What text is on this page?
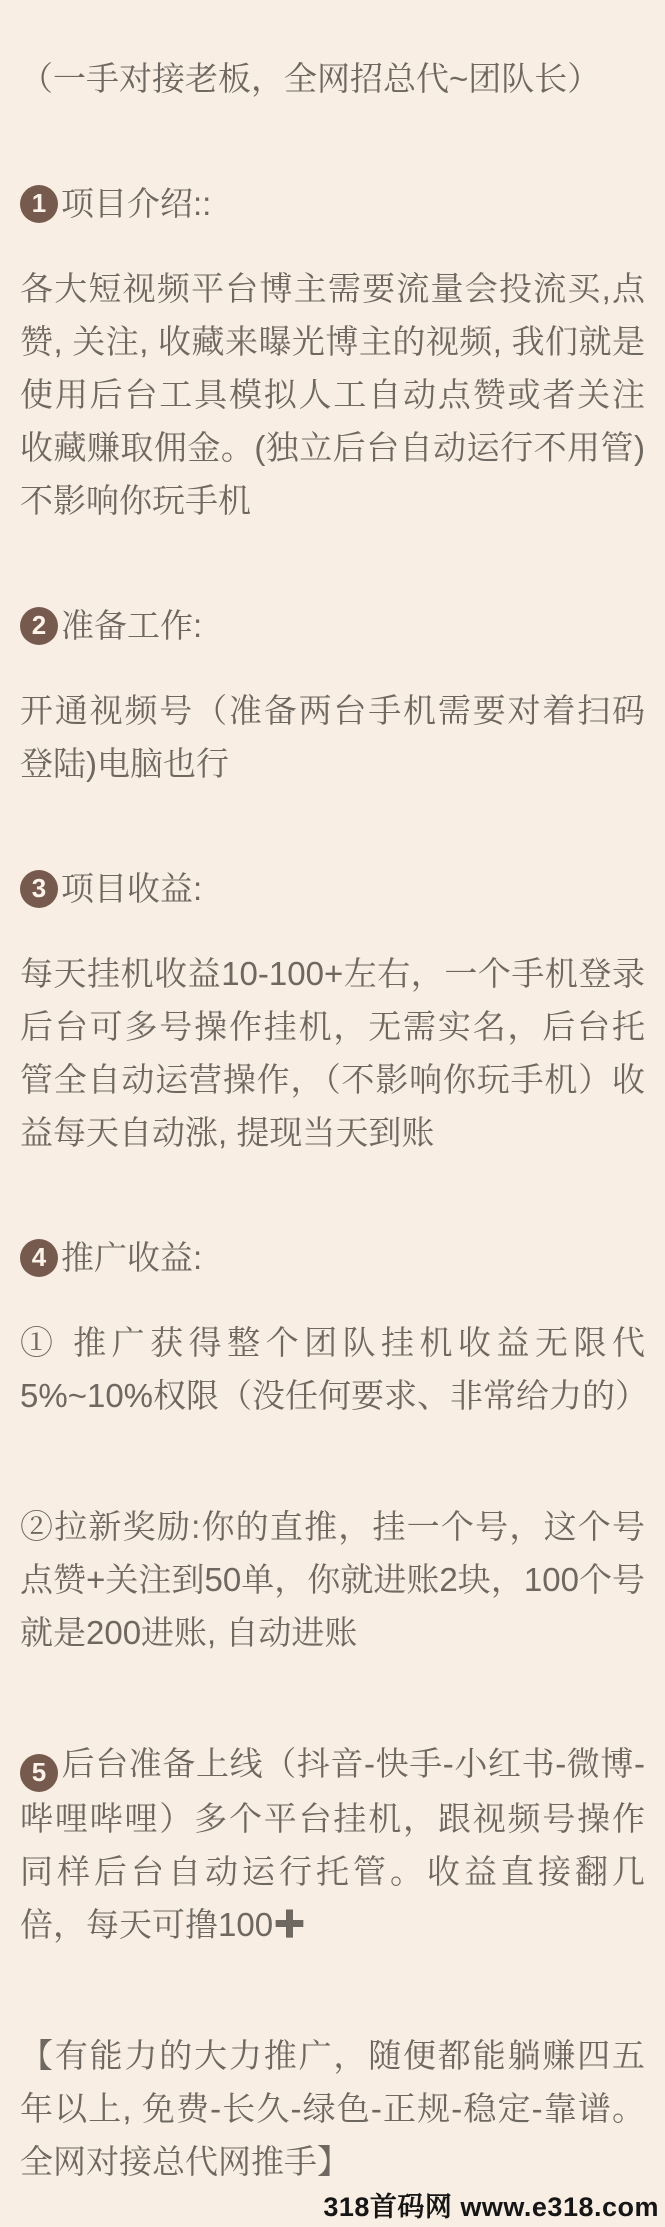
（一手对接老板，全网招总代~团队长）

1 项目介绍::

各大短视频平台博主需要流量会投流买,点赞, 关注, 收藏来曝光博主的视频, 我们就是使用后台工具模拟人工自动点赞或者关注收藏赚取佣金。(独立后台自动运行不用管)不影响你玩手机

2 准备工作:

开通视频号（准备两台手机需要对着扫码登陆)电脑也行

3 项目收益:

每天挂机收益10-100+左右，一个手机登录后台可多号操作挂机，无需实名，后台托管全自动运营操作，（不影响你玩手机）收益每天自动涨, 提现当天到账

4 推广收益:

① 推广获得整个团队挂机收益无限代5%~10%权限（没任何要求、非常给力的）

②拉新奖励:你的直推，挂一个号，这个号点赞+关注到50单，你就进账2块，100个号就是200进账, 自动进账

5 后台准备上线（抖音-快手-小红书-微博-哔哩哔哩）多个平台挂机，跟视频号操作同样后台自动运行托管。收益直接翻几倍，每天可撸100✚

【有能力的大力推广，随便都能躺赚四五年以上, 免费-长久-绿色-正规-稳定-靠谱。全网对接总代网推手】

318首码网 www.e318.com
